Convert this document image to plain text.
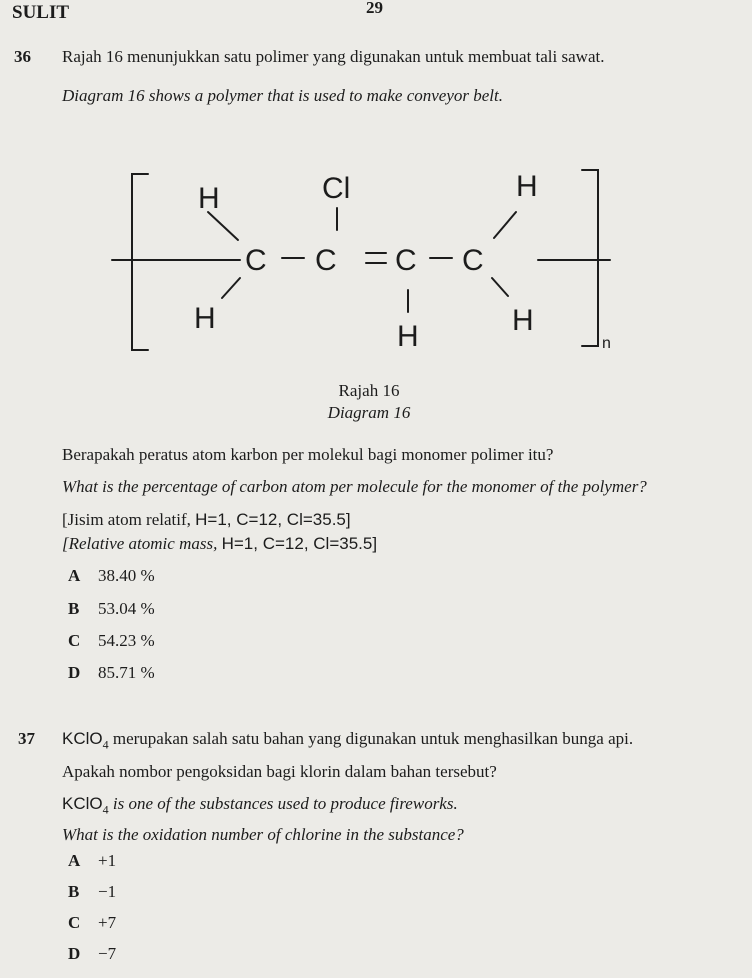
SULIT	29
36 Rajah 16 menunjukkan satu polimer yang digunakan untuk membuat tali sawat.
Diagram 16 shows a polymer that is used to make conveyor belt.
H	Cl	H
C C C C
H
H	H
n
Rajah 16
Diagram 16
Berapakah peratus atom karbon per molekul bagi monomer polimer itu?
What is the percentage of carbon atom per molecule for the monomer of the polymer?
[Jisim atom relatif, H=1, C=12, Cl=35.5]
[Relative atomic mass, H=1, C=12, Cl=35.5]
A 38.40 %
B 53.04 %
C 54.23 %
D 85.71 %
37 KClO$_4$ merupakan salah satu bahan yang digunakan untuk menghasilkan bunga api.
Apakah nombor pengoksidan bagi klorin dalam bahan tersebut?
KClO$_4$ is one of the substances used to produce fireworks.
What is the oxidation number of chlorine in the substance?
A +1
B −1
C +7
D −7
